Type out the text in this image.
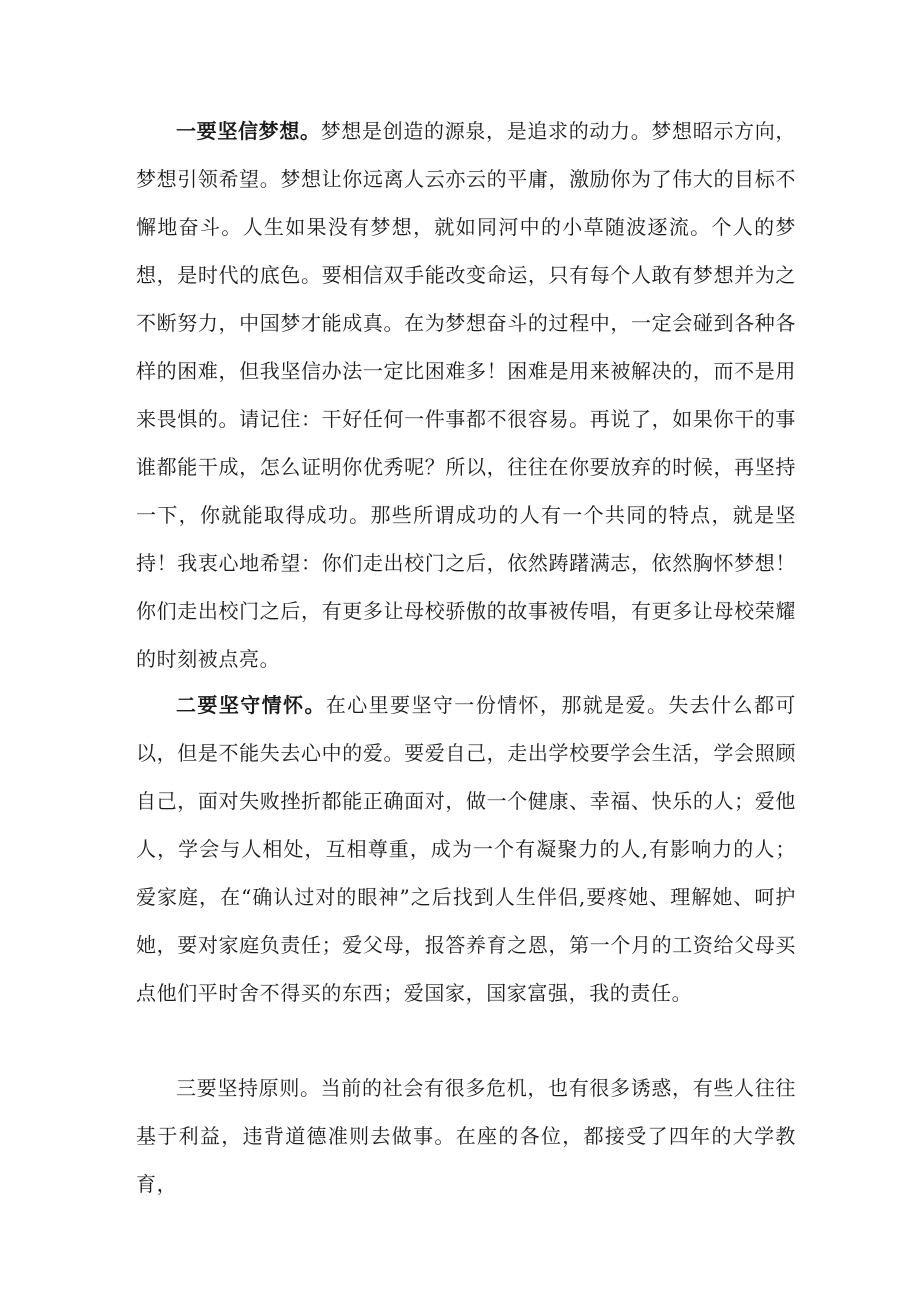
一要坚信梦想。梦想是创造的源泉，是追求的动力。梦想昭示方向，梦想引领希望。梦想让你远离人云亦云的平庸，激励你为了伟大的目标不懈地奋斗。人生如果没有梦想，就如同河中的小草随波逐流。个人的梦想，是时代的底色。要相信双手能改变命运，只有每个人敢有梦想并为之不断努力，中国梦才能成真。在为梦想奋斗的过程中，一定会碰到各种各样的困难，但我坚信办法一定比困难多！困难是用来被解决的，而不是用来畏惧的。请记住：干好任何一件事都不很容易。再说了，如果你干的事谁都能干成，怎么证明你优秀呢？所以，往往在你要放弃的时候，再坚持一下，你就能取得成功。那些所谓成功的人有一个共同的特点，就是坚持！我衷心地希望：你们走出校门之后，依然踌躇满志，依然胸怀梦想！你们走出校门之后，有更多让母校骄傲的故事被传唱，有更多让母校荣耀的时刻被点亮。

二要坚守情怀。在心里要坚守一份情怀，那就是爱。失去什么都可以，但是不能失去心中的爱。要爱自己，走出学校要学会生活，学会照顾自己，面对失败挫折都能正确面对，做一个健康、幸福、快乐的人；爱他人，学会与人相处，互相尊重，成为一个有凝聚力的人,有影响力的人；爱家庭，在“确认过对的眼神”之后找到人生伴侣,要疼她、理解她、呵护她，要对家庭负责任；爱父母，报答养育之恩，第一个月的工资给父母买点他们平时舍不得买的东西；爱国家，国家富强，我的责任。

三要坚持原则。当前的社会有很多危机，也有很多诱惑，有些人往往基于利益，违背道德准则去做事。在座的各位，都接受了四年的大学教育，
